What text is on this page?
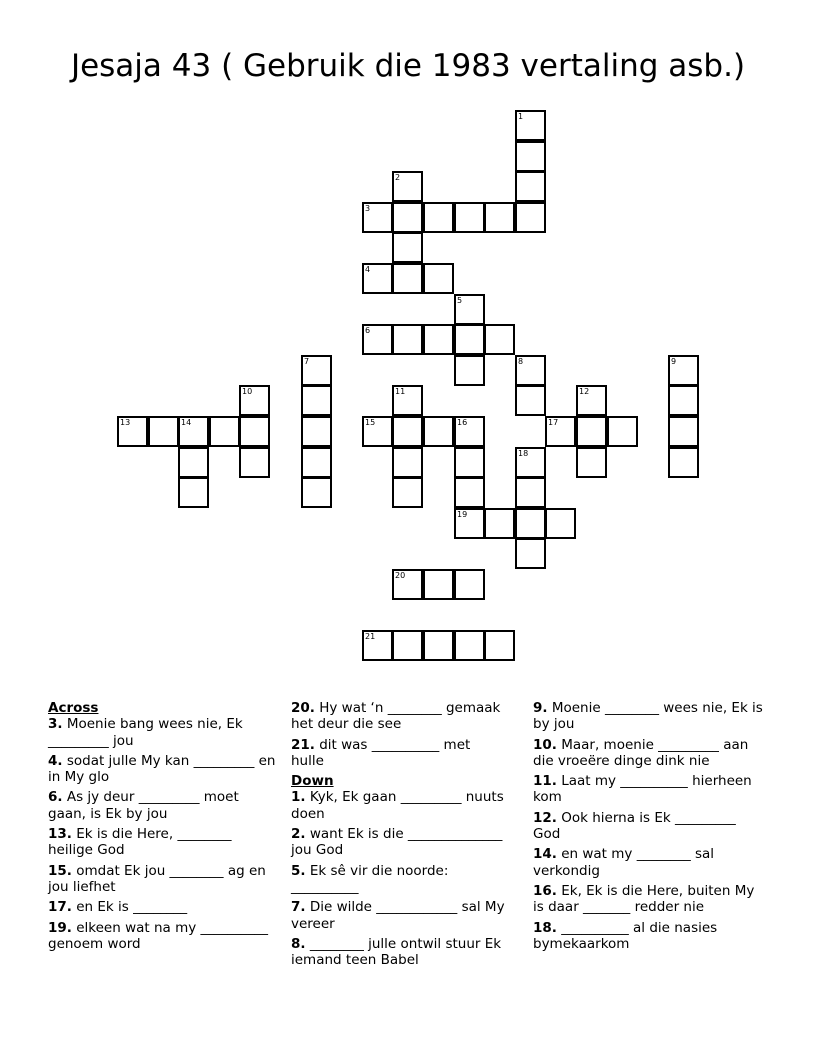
Jesaja 43 ( Gebruik die 1983 vertaling asb.)
1
2
3
4
5
6
7	8	9
10	11	12
13	14	15	16	17
18
19
20
21

Across

3. Moenie bang wees nie, Ek _________ jou

4. sodat julle My kan _________ en in My glo

6. As jy deur _________ moet gaan, is Ek by jou

13. Ek is die Here, ________ heilige God

15. omdat Ek jou ________ ag en jou liefhet

17. en Ek is ________

19. elkeen wat na my __________ genoem word

20. Hy wat ‘n ________ gemaak het deur die see

21. dit was __________ met hulle

Down

1. Kyk, Ek gaan _________ nuuts doen

2. want Ek is die ______________ jou God

5. Ek sê vir die noorde: __________

7. Die wilde ____________ sal My vereer

8. ________ julle ontwil stuur Ek iemand teen Babel

9. Moenie ________ wees nie, Ek is by jou

10. Maar, moenie _________ aan die vroeëre dinge dink nie

11. Laat my __________ hierheen kom

12. Ook hierna is Ek _________ God

14. en wat my ________ sal verkondig

16. Ek, Ek is die Here, buiten My is daar _______ redder nie

18. __________ al die nasies bymekaarkom
